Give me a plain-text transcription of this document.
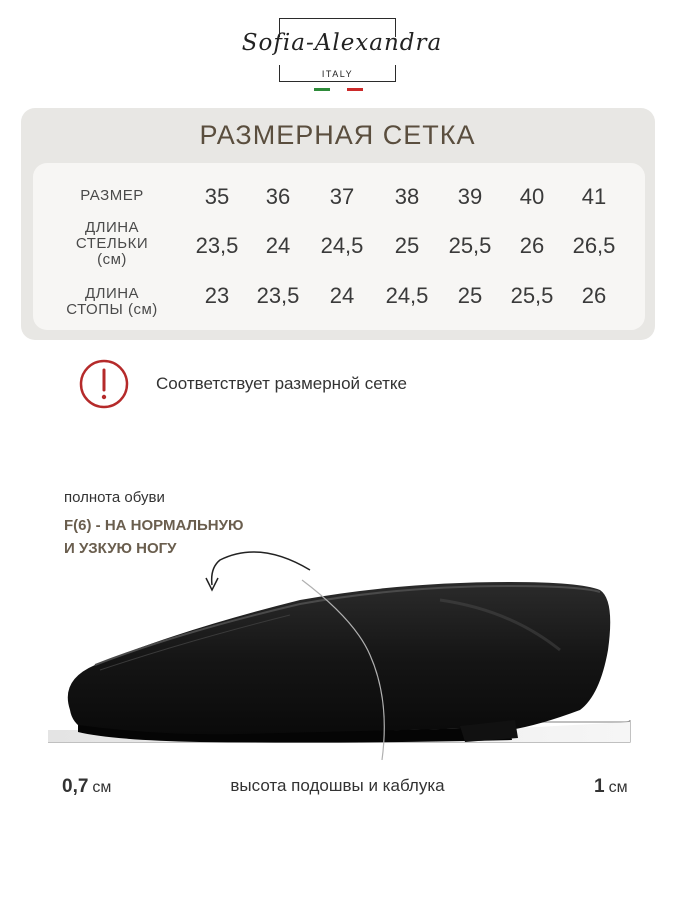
Sofia-Alexandra
ITALY
РАЗМЕРНАЯ СЕТКА
РАЗМЕР	35	36	37	38	39	40	41
ДЛИНА
СТЕЛЬКИ
(см)
23,5	24	24,5	25	25,5	26	26,5
ДЛИНА
СТОПЫ (см)
23	23,5	24	24,5	25	25,5	26
Соответствует размерной сетке
полнота обуви
F(6) - НА НОРМАЛЬНУЮ
И УЗКУЮ НОГУ
0,7 см	высота подошвы и каблука	1 см
